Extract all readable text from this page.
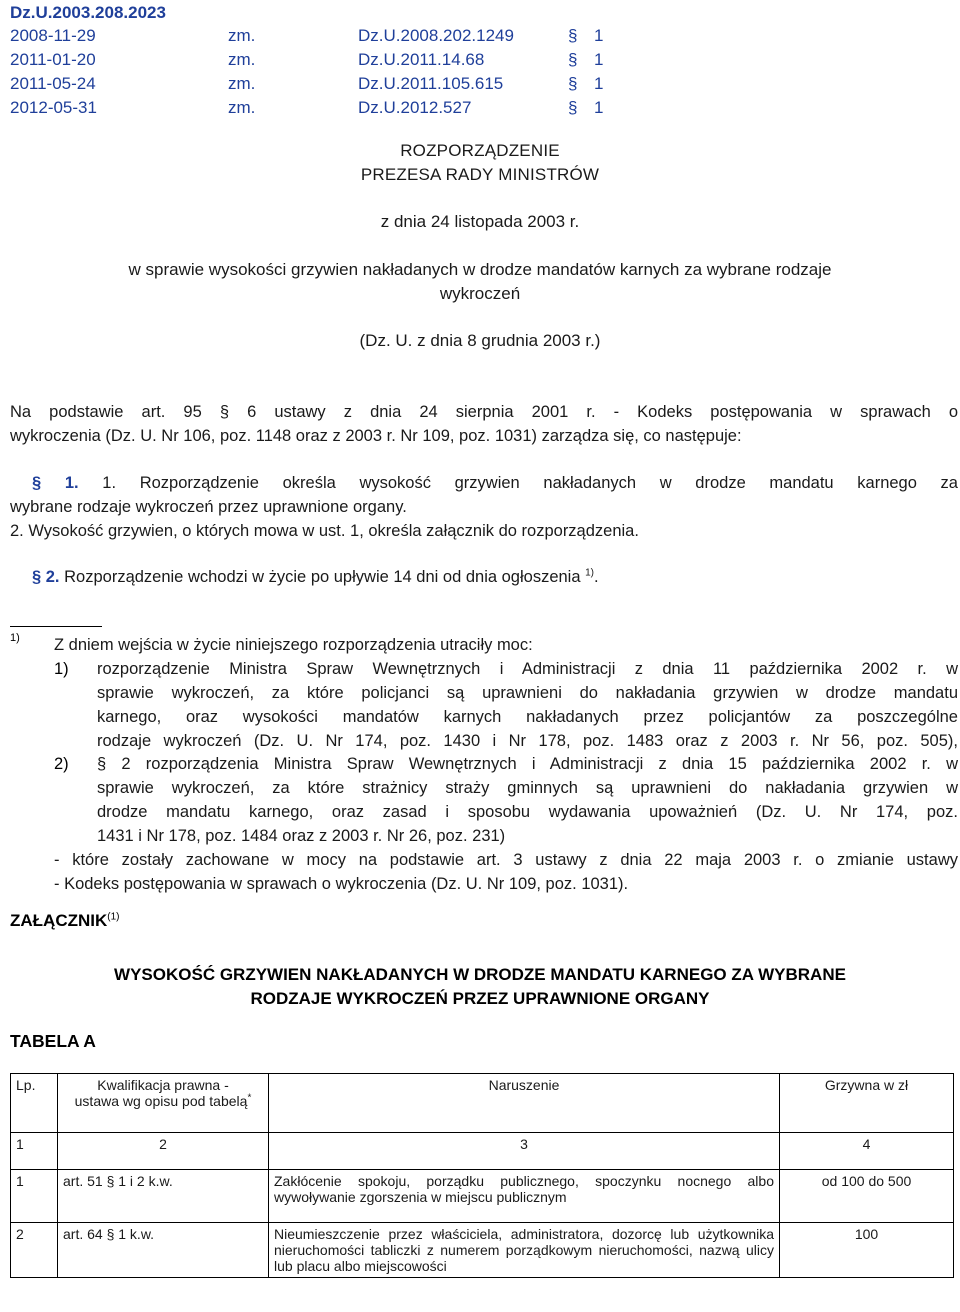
Dz.U.2003.208.2023
2008-11-29	zm.	Dz.U.2008.202.1249	§ 1
2011-01-20	zm.	Dz.U.2011.14.68	§ 1
2011-05-24	zm.	Dz.U.2011.105.615	§ 1
2012-05-31	zm.	Dz.U.2012.527	§ 1
ROZPORZĄDZENIE
PREZESA RADY MINISTRÓW
z dnia 24 listopada 2003 r.
w sprawie wysokości grzywien nakładanych w drodze mandatów karnych za wybrane rodzaje
wykroczeń
(Dz. U. z dnia 8 grudnia 2003 r.)
Na podstawie art. 95 § 6 ustawy z dnia 24 sierpnia 2001 r. - Kodeks postępowania w sprawach o
wykroczenia (Dz. U. Nr 106, poz. 1148 oraz z 2003 r. Nr 109, poz. 1031) zarządza się, co następuje:
§ 1. 1. Rozporządzenie określa wysokość grzywien nakładanych w drodze mandatu karnego za
wybrane rodzaje wykroczeń przez uprawnione organy.
2. Wysokość grzywien, o których mowa w ust. 1, określa załącznik do rozporządzenia.
§ 2. Rozporządzenie wchodzi w życie po upływie 14 dni od dnia ogłoszenia $^{1)}$.
1) Z dniem wejścia w życie niniejszego rozporządzenia utraciły moc:
1) rozporządzenie Ministra Spraw Wewnętrznych i Administracji z dnia 11 października 2002 r. w
sprawie wykroczeń, za które policjanci są uprawnieni do nakładania grzywien w drodze mandatu
karnego, oraz wysokości mandatów karnych nakładanych przez policjantów za poszczególne
rodzaje wykroczeń (Dz. U. Nr 174, poz. 1430 i Nr 178, poz. 1483 oraz z 2003 r. Nr 56, poz. 505),
2) § 2 rozporządzenia Ministra Spraw Wewnętrznych i Administracji z dnia 15 października 2002 r. w
sprawie wykroczeń, za które strażnicy straży gminnych są uprawnieni do nakładania grzywien w
drodze mandatu karnego, oraz zasad i sposobu wydawania upoważnień (Dz. U. Nr 174, poz.
1431 i Nr 178, poz. 1484 oraz z 2003 r. Nr 26, poz. 231)
- które zostały zachowane w mocy na podstawie art. 3 ustawy z dnia 22 maja 2003 r. o zmianie ustawy
- Kodeks postępowania w sprawach o wykroczenia (Dz. U. Nr 109, poz. 1031).
ZAŁĄCZNIK$^{(1)}$
WYSOKOŚĆ GRZYWIEN NAKŁADANYCH W DRODZE MANDATU KARNEGO ZA WYBRANE
RODZAJE WYKROCZEŃ PRZEZ UPRAWNIONE ORGANY
TABELA A
Lp.	Kwalifikacja prawna -
ustawa wg opisu pod tabelą*	Naruszenie	Grzywna w zł
1	2	3	4
1	art. 51 § 1 i 2 k.w.	Zakłócenie spokoju, porządku publicznego, spoczynku nocnego albo wywoływanie zgorszenia w miejscu publicznym	od 100 do 500
2	art. 64 § 1 k.w.	Nieumieszczenie przez właściciela, administratora, dozorcę lub użytkownika nieruchomości tabliczki z numerem porządkowym nieruchomości, nazwą ulicy lub placu albo miejscowości	100
